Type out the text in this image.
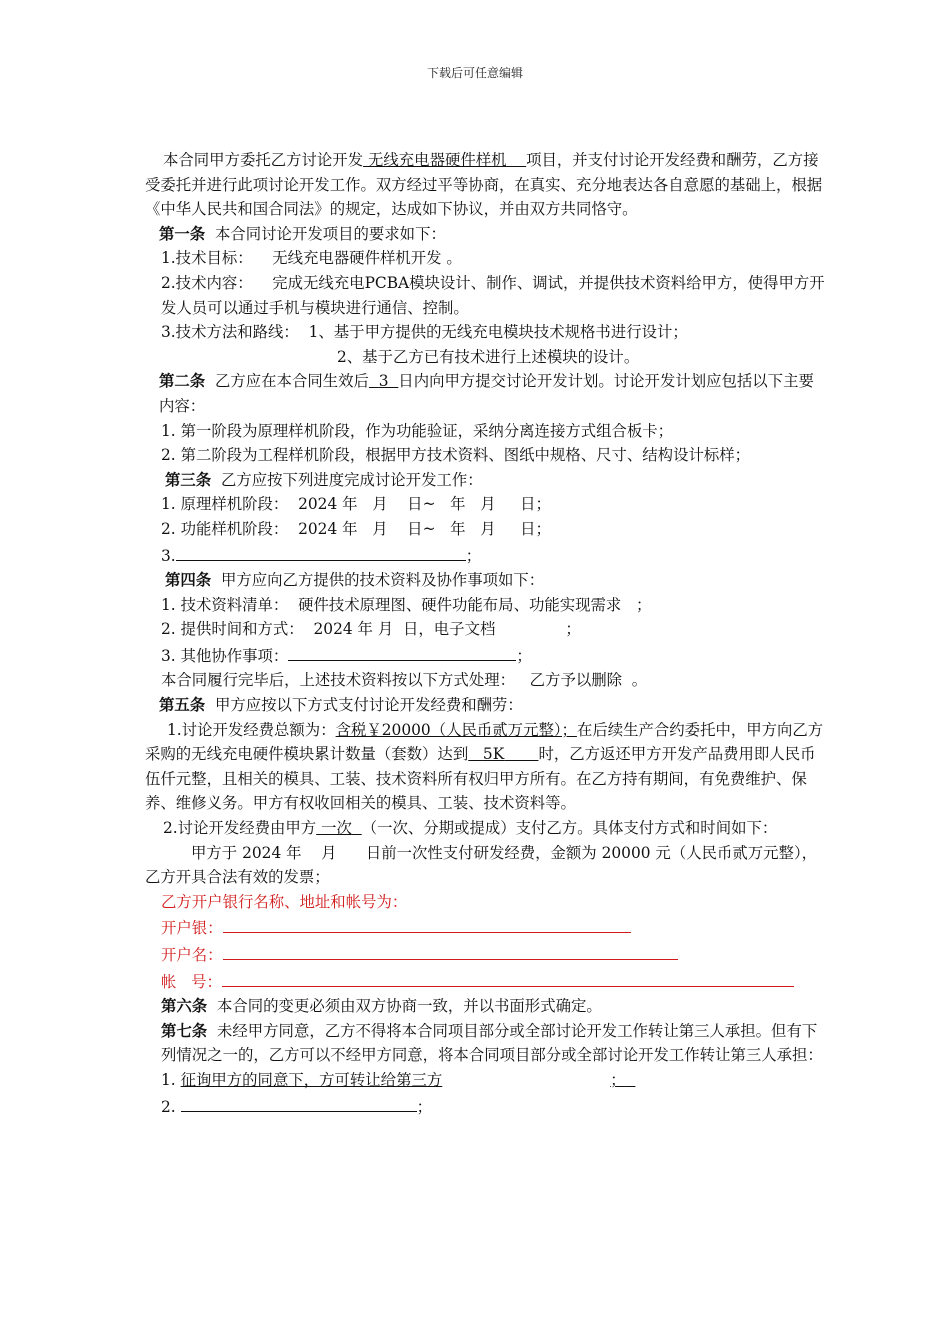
下载后可任意编辑

本合同甲方委托乙方讨论开发 无线充电器硬件样机 项目，并支付讨论开发经费和酬劳，乙方接受委托并进行此项讨论开发工作。双方经过平等协商，在真实、充分地表达各自意愿的基础上，根据《中华人民共和国合同法》的规定，达成如下协议，并由双方共同恪守。

第一条 本合同讨论开发项目的要求如下：

1.技术目标： 无线充电器硬件样机开发 。

2.技术内容： 完成无线充电PCBA模块设计、制作、调试，并提供技术资料给甲方，使得甲方开发人员可以通过手机与模块进行通信、控制。

3.技术方法和路线： 1、基于甲方提供的无线充电模块技术规格书进行设计；

2、基于乙方已有技术进行上述模块的设计。

第二条 乙方应在本合同生效后 3 日内向甲方提交讨论开发计划。讨论开发计划应包括以下主要内容：

1. 第一阶段为原理样机阶段，作为功能验证，采纳分离连接方式组合板卡；

2. 第二阶段为工程样机阶段，根据甲方技术资料、图纸中规格、尺寸、结构设计标样；

第三条 乙方应按下列进度完成讨论开发工作：

1. 原理样机阶段：  2024 年   月    日~   年   月     日；

2. 功能样机阶段：  2024 年   月    日~   年   月     日；

3.	；

第四条 甲方应向乙方提供的技术资料及协作事项如下：

1. 技术资料清单：  硬件技术原理图、硬件功能布局、功能实现需求   ；

2. 提供时间和方式：  2024 年 月  日，电子文档	；

3. 其他协作事项：	；

本合同履行完毕后，上述技术资料按以下方式处理：   乙方予以删除  。

第五条 甲方应按以下方式支付讨论开发经费和酬劳：

1.讨论开发经费总额为：含税￥20000（人民币贰万元整）；在后续生产合约委托中，甲方向乙方采购的无线充电硬件模块累计数量（套数）达到 5K 时，乙方返还甲方开发产品费用即人民币伍仟元整，且相关的模具、工装、技术资料所有权归甲方所有。在乙方持有期间，有免费维护、保养、维修义务。甲方有权收回相关的模具、工装、技术资料等。

2.讨论开发经费由甲方 一次 （一次、分期或提成）支付乙方。具体支付方式和时间如下：

甲方于 2024 年    月      日前一次性支付研发经费，金额为 20000 元（人民币贰万元整），乙方开具合法有效的发票；

乙方开户银行名称、地址和帐号为：

开户银：

开户名：

帐   号：

第六条 本合同的变更必须由双方协商一致，并以书面形式确定。

第七条 未经甲方同意，乙方不得将本合同项目部分或全部讨论开发工作转让第三人承担。但有下列情况之一的，乙方可以不经甲方同意，将本合同项目部分或全部讨论开发工作转让第三人承担：

1. 征询甲方的同意下，方可转让给第三方	；

2.	；
